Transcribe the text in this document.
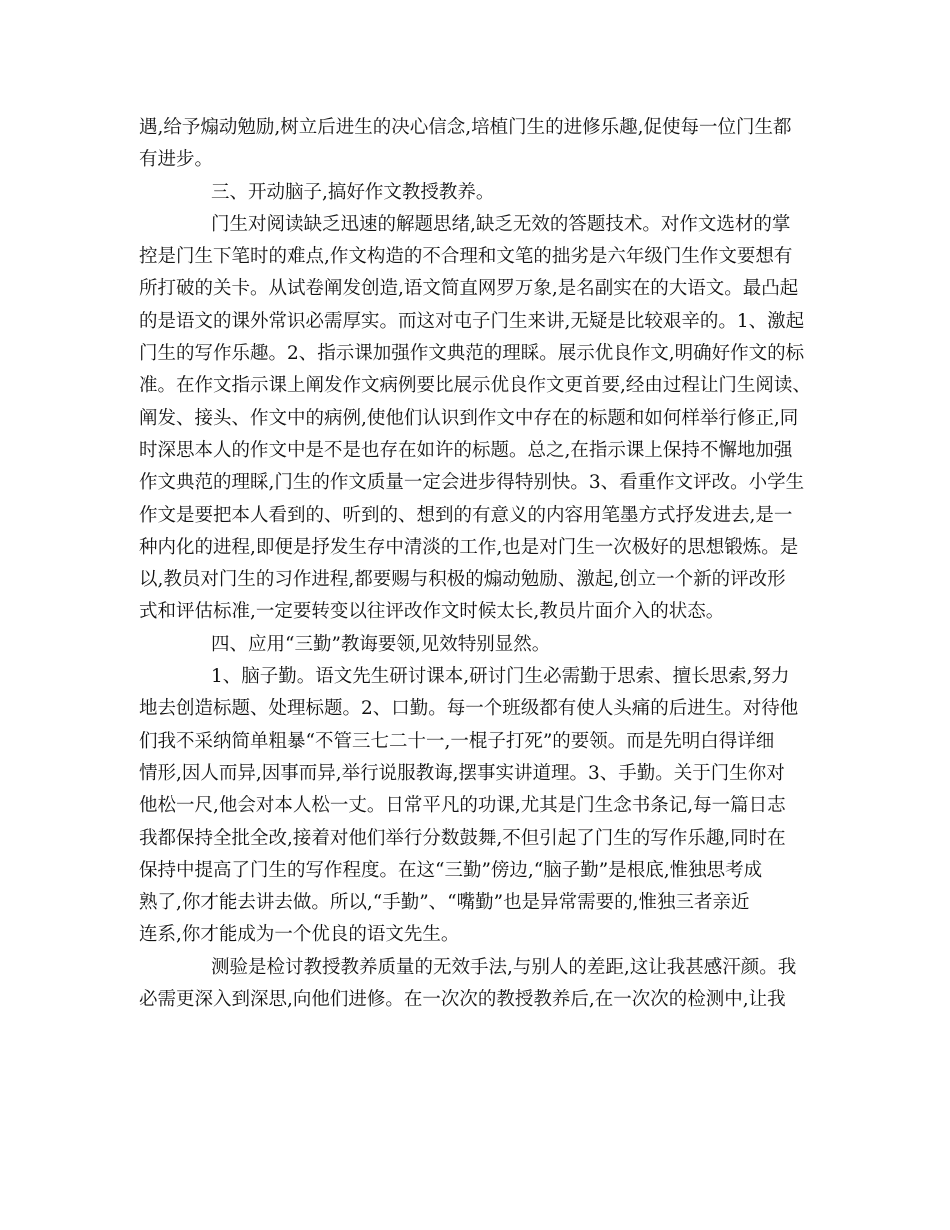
遇,给予煽动勉励,树立后进生的决心信念,培植门生的进修乐趣,促使每一位门生都
有进步。
三、开动脑子,搞好作文教授教养。
门生对阅读缺乏迅速的解题思绪,缺乏无效的答题技术。对作文选材的掌
控是门生下笔时的难点,作文构造的不合理和文笔的拙劣是六年级门生作文要想有
所打破的关卡。从试卷阐发创造,语文简直网罗万象,是名副实在的大语文。最凸起
的是语文的课外常识必需厚实。而这对屯子门生来讲,无疑是比较艰辛的。1、激起
门生的写作乐趣。2、指示课加强作文典范的理睬。展示优良作文,明确好作文的标
准。在作文指示课上阐发作文病例要比展示优良作文更首要,经由过程让门生阅读、
阐发、接头、作文中的病例,使他们认识到作文中存在的标题和如何样举行修正,同
时深思本人的作文中是不是也存在如许的标题。总之,在指示课上保持不懈地加强
作文典范的理睬,门生的作文质量一定会进步得特别快。3、看重作文评改。小学生
作文是要把本人看到的、听到的、想到的有意义的内容用笔墨方式抒发进去,是一
种内化的进程,即便是抒发生存中清淡的工作,也是对门生一次极好的思想锻炼。是
以,教员对门生的习作进程,都要赐与积极的煽动勉励、激起,创立一个新的评改形
式和评估标准,一定要转变以往评改作文时候太长,教员片面介入的状态。
四、应用“三勤”教诲要领,见效特别显然。
1、脑子勤。语文先生研讨课本,研讨门生必需勤于思索、擅长思索,努力
地去创造标题、处理标题。2、口勤。每一个班级都有使人头痛的后进生。对待他
们我不采纳简单粗暴“不管三七二十一,一棍子打死”的要领。而是先明白得详细
情形,因人而异,因事而异,举行说服教诲,摆事实讲道理。3、手勤。关于门生你对
他松一尺,他会对本人松一丈。日常平凡的功课,尤其是门生念书条记,每一篇日志
我都保持全批全改,接着对他们举行分数鼓舞,不但引起了门生的写作乐趣,同时在
保持中提高了门生的写作程度。在这“三勤”傍边,“脑子勤”是根底,惟独思考成
熟了,你才能去讲去做。所以,“手勤”、“嘴勤”也是异常需要的,惟独三者亲近
连系,你才能成为一个优良的语文先生。
测验是检讨教授教养质量的无效手法,与别人的差距,这让我甚感汗颜。我
必需更深入到深思,向他们进修。在一次次的教授教养后,在一次次的检测中,让我
